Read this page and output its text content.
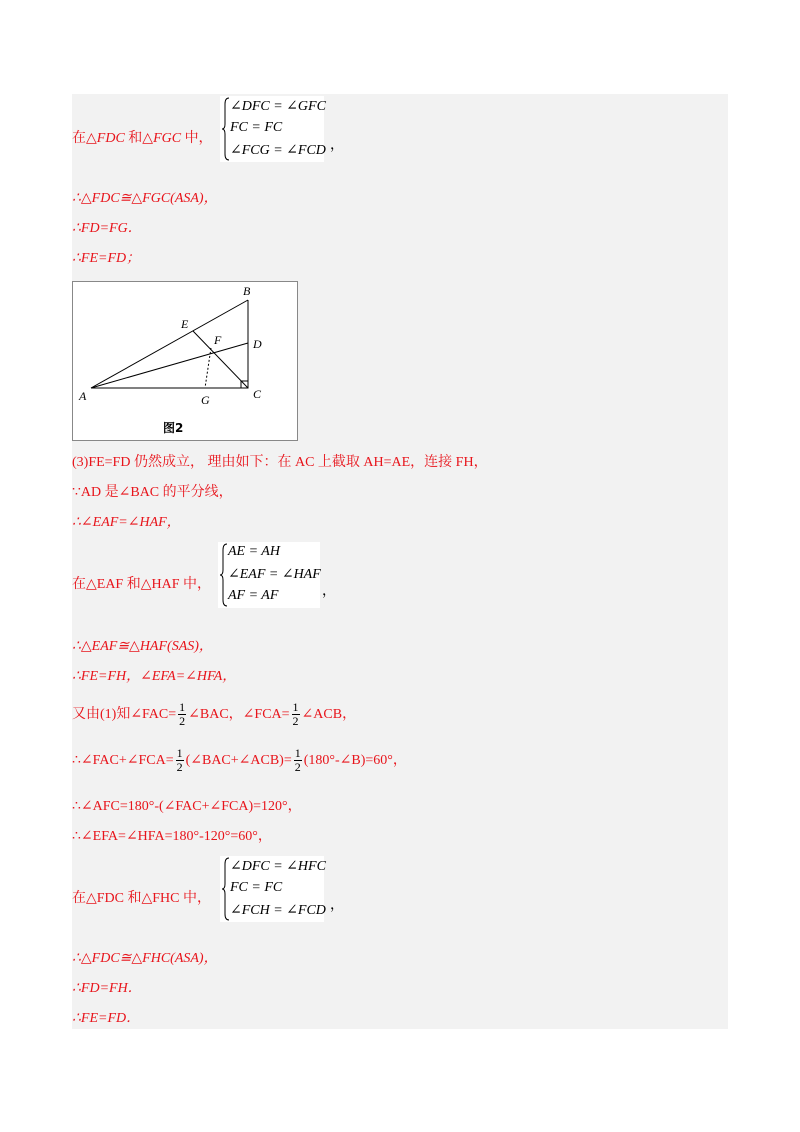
在△FDC 和△FGC 中，
∠DFC = ∠GFC
FC = FC
∠FCG = ∠FCD ，
∴△FDC≅△FGC(ASA)，
∴FD=FG．
∴FE=FD；
A
B
C
D
E
F
G
图2
(3)FE=FD 仍然成立， 理由如下：在 AC 上截取 AH=AE，连接 FH，
∵AD 是∠BAC 的平分线，
∴∠EAF=∠HAF，
在△EAF 和△HAF 中，
AE = AH
∠EAF = ∠HAF
AF = AF	，
∴△EAF≅△HAF(SAS)，
∴FE=FH，∠EFA=∠HFA，
又由(1)知∠FAC= $\frac{1}{2}$ ∠BAC，∠FCA= $\frac{1}{2}$ ∠ACB，
∴∠FAC+∠FCA= $\frac{1}{2}$ (∠BAC+∠ACB)= $\frac{1}{2}$ (180°-∠B)=60°，
∴∠AFC=180°-(∠FAC+∠FCA)=120°，
∴∠EFA=∠HFA=180°-120°=60°，
在△FDC 和△FHC 中，
∠DFC = ∠HFC
FC = FC
∠FCH = ∠FCD ，
∴△FDC≅△FHC(ASA)，
∴FD=FH．
∴FE=FD．
